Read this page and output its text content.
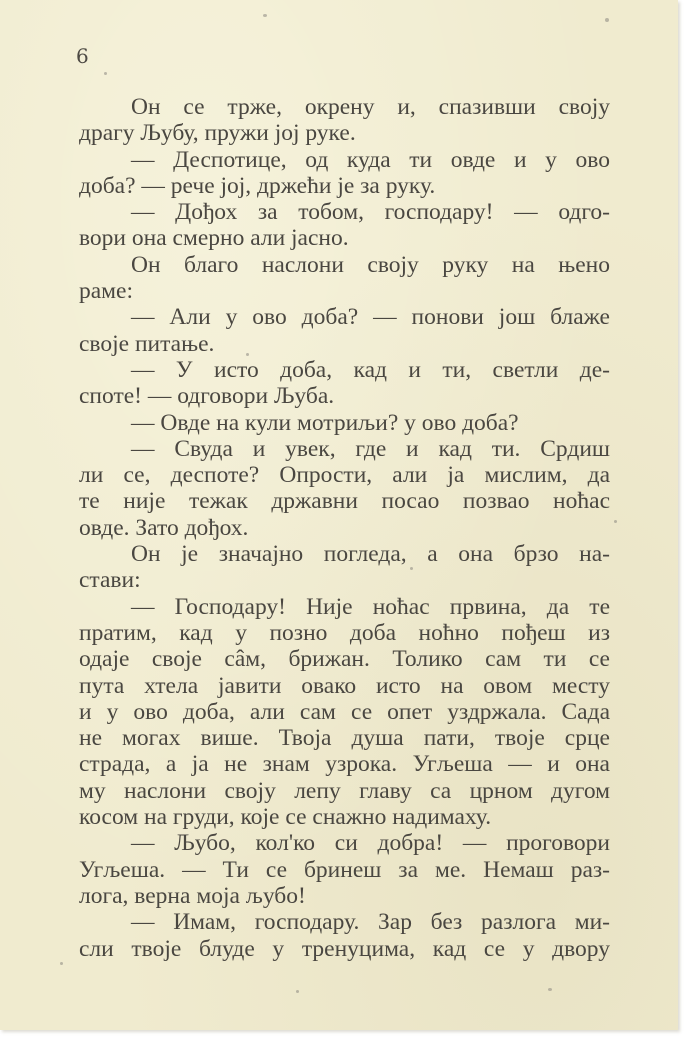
6
Он се трже, окрену и, спазивши своју
драгу Љубу, пружи јој руке.
— Деспотице, од куда ти овде и у ово
доба? — рече јој, држећи је за руку.
— Дођох за тобом, господару! — одго-
вори она смерно али јасно.
Он благо наслони своју руку на њено
раме:
— Али у ово доба? — понови још блаже
своје питање.
— У исто доба, кад и ти, светли де-
споте! — одговори Љуба.
— Овде на кули мотриљи? у ово доба?
— Свуда и увек, где и кад ти. Срдиш
ли се, деспоте? Опрости, али ја мислим, да
те није тежак државни посао позвао ноћас
овде. Зато дођох.
Он је значајно погледа, а она брзо на-
стави:
— Господару! Није ноћас првина, да те
пратим, кад у позно доба ноћно пођеш из
одаје своје сâм, брижан. Толико сам ти се
пута хтела јавити овако исто на овом месту
и у ово доба, али сам се опет уздржала. Сада
не могах више. Твоја душа пати, твоје срце
страда, а ја не знам узрока. Угљеша — и она
му наслони своју лепу главу са црном дугом
косом на груди, које се снажно надимаху.
— Љубо, кол'ко си добра! — проговори
Угљеша. — Ти се бринеш за ме. Немаш раз-
лога, верна моја љубо!
— Имам, господару. Зар без разлога ми-
сли твоје блуде у тренуцима, кад се у двору
